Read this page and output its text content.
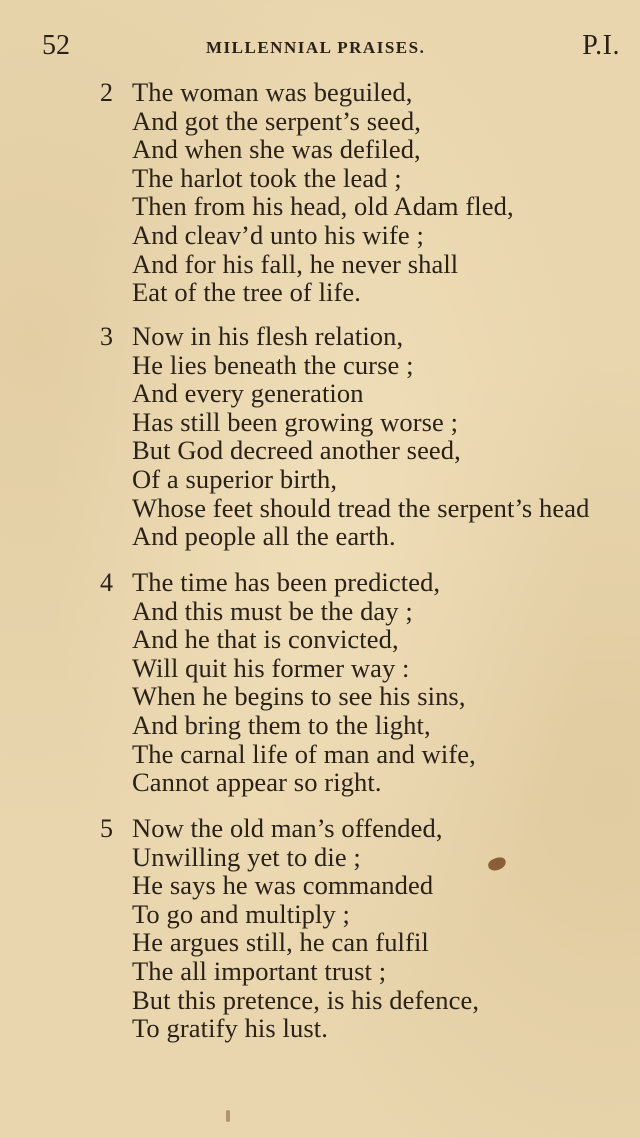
52	MILLENNIAL PRAISES.	P.I.
2 The woman was beguiled,
And got the serpent’s seed,
And when she was defiled,
The harlot took the lead ;
Then from his head, old Adam fled,
And cleav’d unto his wife ;
And for his fall, he never shall
Eat of the tree of life.
3 Now in his flesh relation,
He lies beneath the curse ;
And every generation
Has still been growing worse ;
But God decreed another seed,
Of a superior birth,
Whose feet should tread the serpent’s head
And people all the earth.
4 The time has been predicted,
And this must be the day ;
And he that is convicted,
Will quit his former way :
When he begins to see his sins,
And bring them to the light,
The carnal life of man and wife,
Cannot appear so right.
5 Now the old man’s offended,
Unwilling yet to die ;
He says he was commanded
To go and multiply ;
He argues still, he can fulfil
The all important trust ;
But this pretence, is his defence,
To gratify his lust.
